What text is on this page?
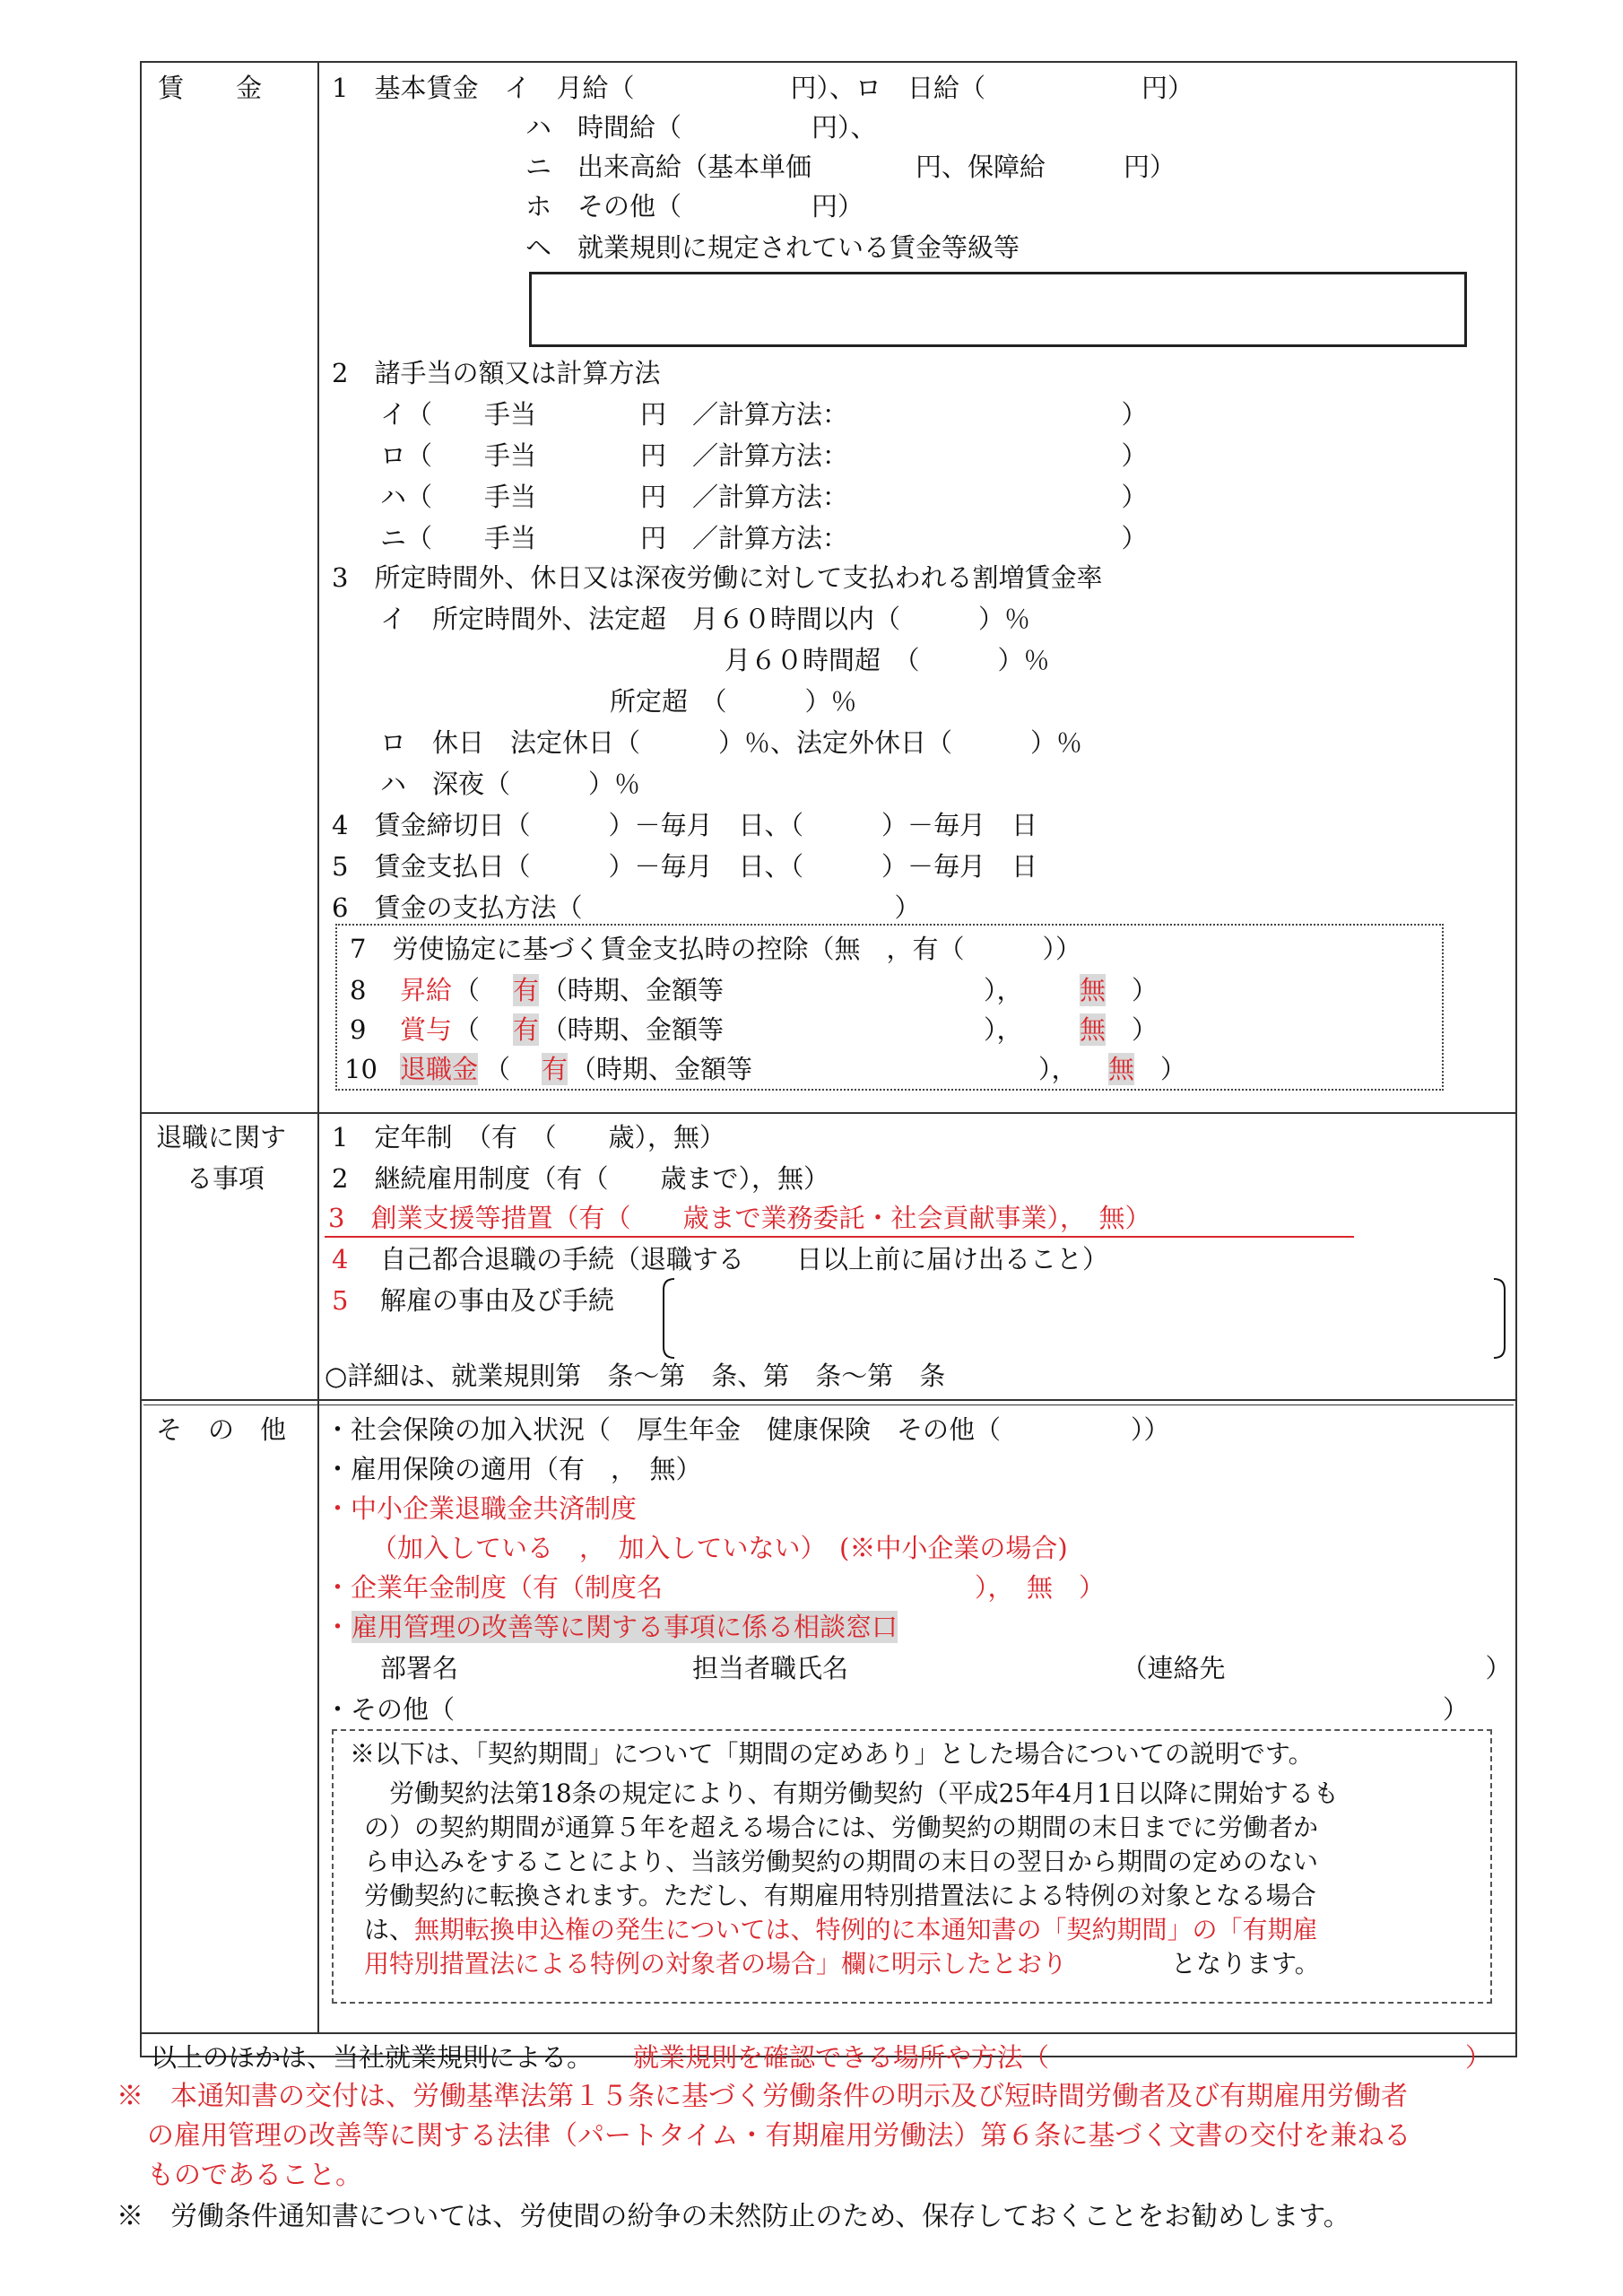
賃　　金	1　基本賃金　イ　月給（　　　　　　円）、ロ　日給（　　　　　　円）
ハ　時間給（　　　　　円）、
ニ　出来高給（基本単価　　　　円、保障給　　　円）
ホ　その他（　　　　　円）
ヘ　就業規則に規定されている賃金等級等
2　諸手当の額又は計算方法
イ（　　手当　　　　円　／計算方法：　　　　　　　　　　　）
ロ（　　手当　　　　円　／計算方法：　　　　　　　　　　　）
ハ（　　手当　　　　円　／計算方法：　　　　　　　　　　　）
ニ（　　手当　　　　円　／計算方法：　　　　　　　　　　　）
3　所定時間外、休日又は深夜労働に対して支払われる割増賃金率
イ　所定時間外、法定超　月６０時間以内（　　　）％
月６０時間超　（　　　）％
所定超　（　　　）％
ロ　休日　法定休日（　　　）％、法定外休日（　　　）％
ハ　深夜（　　　）％
4　賃金締切日（　　　）－毎月　日、（　　　）－毎月　日
5　賃金支払日（　　　）－毎月　日、（　　　）－毎月　日
6　賃金の支払方法（　　　　　　　　　　　　）
7　労使協定に基づく賃金支払時の控除（無　，有（　　　））
8 昇給 （ 有 （時期、金額等　　　　　　　　　　）， 無 ）
9 賞与 （ 有 （時期、金額等　　　　　　　　　　）， 無 ）
10 退職金 （ 有 （時期、金額等　　　　　　　　　　　）， 無 ）
退職に関す
る事項
1　定年制　（有　（　　歳），無）
2　継続雇用制度（有（　　歳まで），無）
3　創業支援等措置（有（　　歳まで業務委託・社会貢献事業），　無）
4 自己都合退職の手続（退職する　　日以上前に届け出ること）
5 解雇の事由及び手続
○詳細は、就業規則第　条～第　条、第　条～第　条
そ　の　他 ・社会保険の加入状況（　厚生年金　健康保険　その他（　　　　　））
・雇用保険の適用（有　，　無）
・中小企業退職金共済制度
（加入している　，　加入していない）　(※中小企業の場合)
・企業年金制度（有（制度名　　　　　　　　　　　　），　無　）
・ 雇用管理の改善等に関する事項に係る相談窓口
部署名　　　　　　　　　担当者職氏名　　　　　　　　　　　（連絡先　　　　　　　　　　）
・その他（　　　　　　　　　　　　　　　　　　　　　　　　　　　　　　　　　　　　　　）
※以下は、「契約期間」について「期間の定めあり」とした場合についての説明です。
　労働契約法第18条の規定により、有期労働契約（平成25年4月1日以降に開始するも
の）の契約期間が通算５年を超える場合には、労働契約の期間の末日までに労働者か
ら申込みをすることにより、当該労働契約の期間の末日の翌日から期間の定めのない
労働契約に転換されます。ただし、有期雇用特別措置法による特例の対象となる場合
は、 無期転換申込権の発生については、特例的に本通知書の「契約期間」の「有期雇
用特別措置法による特例の対象者の場合」欄に明示したとおり	となります。
以上のほかは、当社就業規則による。 就業規則を確認できる場所や方法（　　　　　　　　　　　　　　　　）
※　本通知書の交付は、労働基準法第１５条に基づく労働条件の明示及び短時間労働者及び有期雇用労働者
の雇用管理の改善等に関する法律（パートタイム・有期雇用労働法）第６条に基づく文書の交付を兼ねる
ものであること。
※　労働条件通知書については、労使間の紛争の未然防止のため、保存しておくことをお勧めします。
